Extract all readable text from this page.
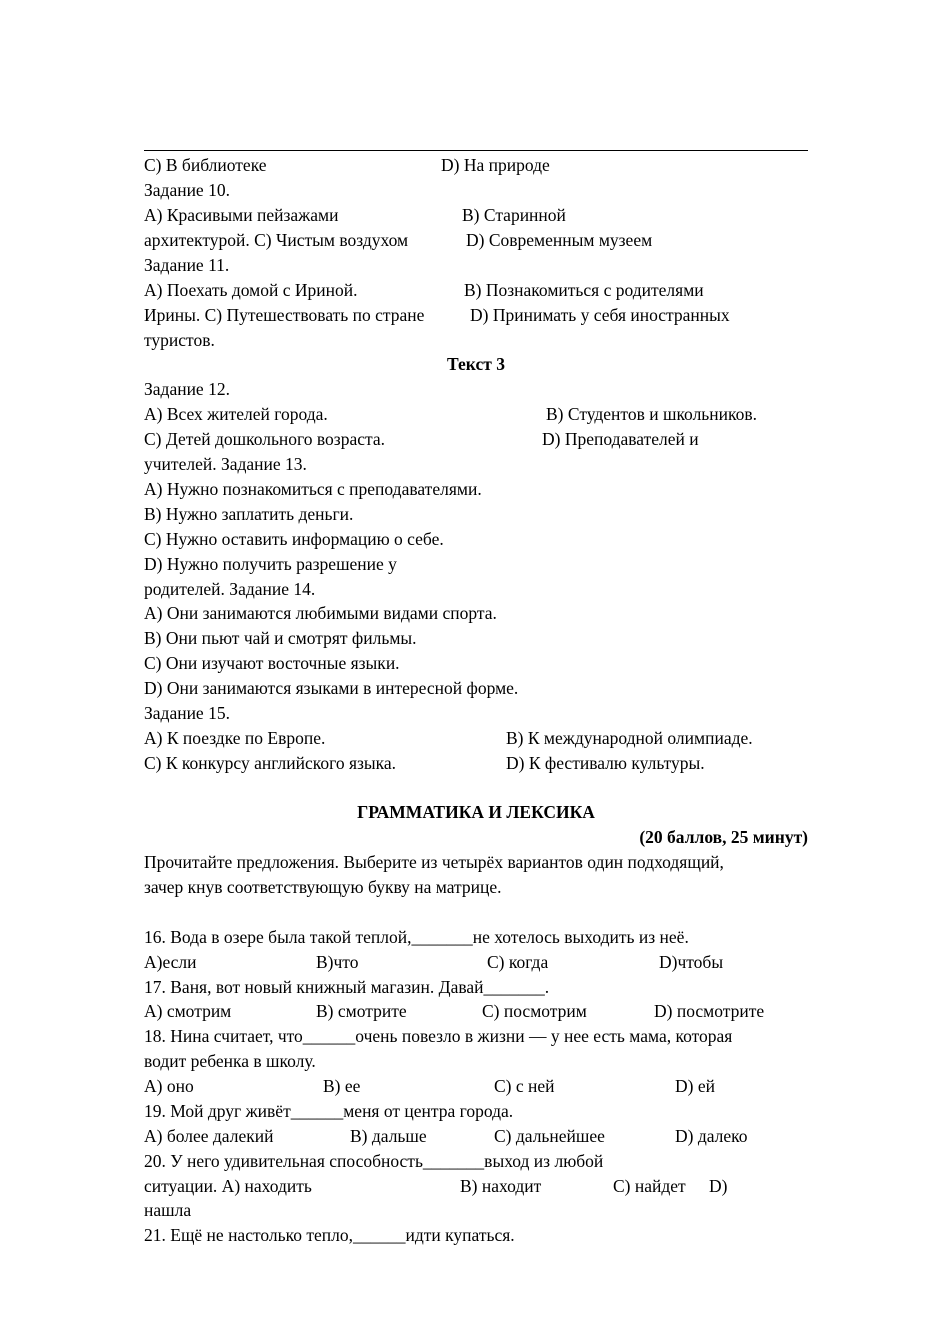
C) В библиотеке

	D) На природе

Задание 10.

A) Красивыми пейзажами

	B) Старинной

архитектурой. C) Чистым воздухом

	D) Современным музеем

Задание 11.

A) Поехать домой с Ириной.

	B) Познакомиться с родителями

Ирины. C) Путешествовать по стране

	D) Принимать у себя иностранных

туристов.
Текст 3
Задание 12.

A) Всех жителей города.

	B) Студентов и школьников.

C) Детей дошкольного возраста.

	D) Преподавателей и

учителей. Задание 13.
A) Нужно познакомиться с преподавателями.
B) Нужно заплатить деньги.
C) Нужно оставить информацию о себе.
D) Нужно получить разрешение у
родителей. Задание 14.
A) Они занимаются любимыми видами спорта.
B) Они пьют чай и смотрят фильмы.
C) Они изучают восточные языки.
D) Они занимаются языками в интересной форме.
Задание 15.

A) К поездке по Европе.

	B) К международной олимпиаде.

C) К конкурсу английского языка.

	D) К фестивалю культуры.

ГРАММАТИКА И ЛЕКСИКА
(20 баллов, 25 минут)
Прочитайте предложения. Выберите из четырёх вариантов один подходящий,
зачер кнув соответствующую букву на матрице.
16. Вода в озере была такой теплой,_______не хотелось выходить из неё.

A)если

	B)что

	C) когда

	D)чтобы

17. Ваня, вот новый книжный магазин. Давай_______.

A) смотрим

	B) смотрите

	C) посмотрим

	D) посмотрите

18. Нина считает, что______очень повезло в жизни — у нее есть мама, которая
водит ребенка в школу.

A) оно

	B) ее

	C) с ней

	D) ей

19. Мой друг живёт______меня от центра города.

A) более далекий

	B) дальше

	C) дальнейшее

	D) далеко

20. У него удивительная способность_______выход из любой

ситуации. A) находить

	B) находит

	C) найдет

D)

нашла
21. Ещё не настолько тепло,______идти купаться.
